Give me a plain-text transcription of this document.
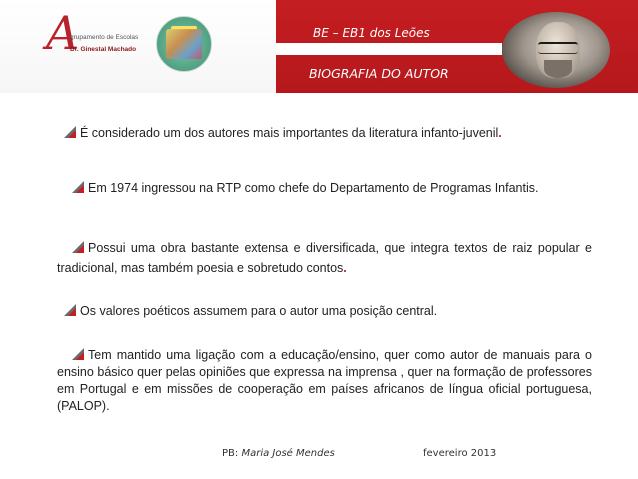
A
grupamento de Escolas
Dr. Ginestal Machado
BE – EB1 dos Leões
BIOGRAFIA DO AUTOR
É considerado um dos autores mais importantes da literatura infanto-juvenil.
Em 1974 ingressou na RTP como chefe do Departamento de Programas Infantis.
Possui uma obra bastante extensa e diversificada, que integra textos de raiz popular e tradicional, mas também poesia e sobretudo contos.
Os valores poéticos assumem para o autor uma posição central.
Tem mantido uma ligação com a educação/ensino, quer como autor de manuais para o ensino básico quer pelas opiniões que expressa na imprensa , quer na formação de professores em Portugal e em missões de cooperação em países africanos de língua oficial portuguesa, (PALOP).
PB: Maria José Mendes	fevereiro 2013
